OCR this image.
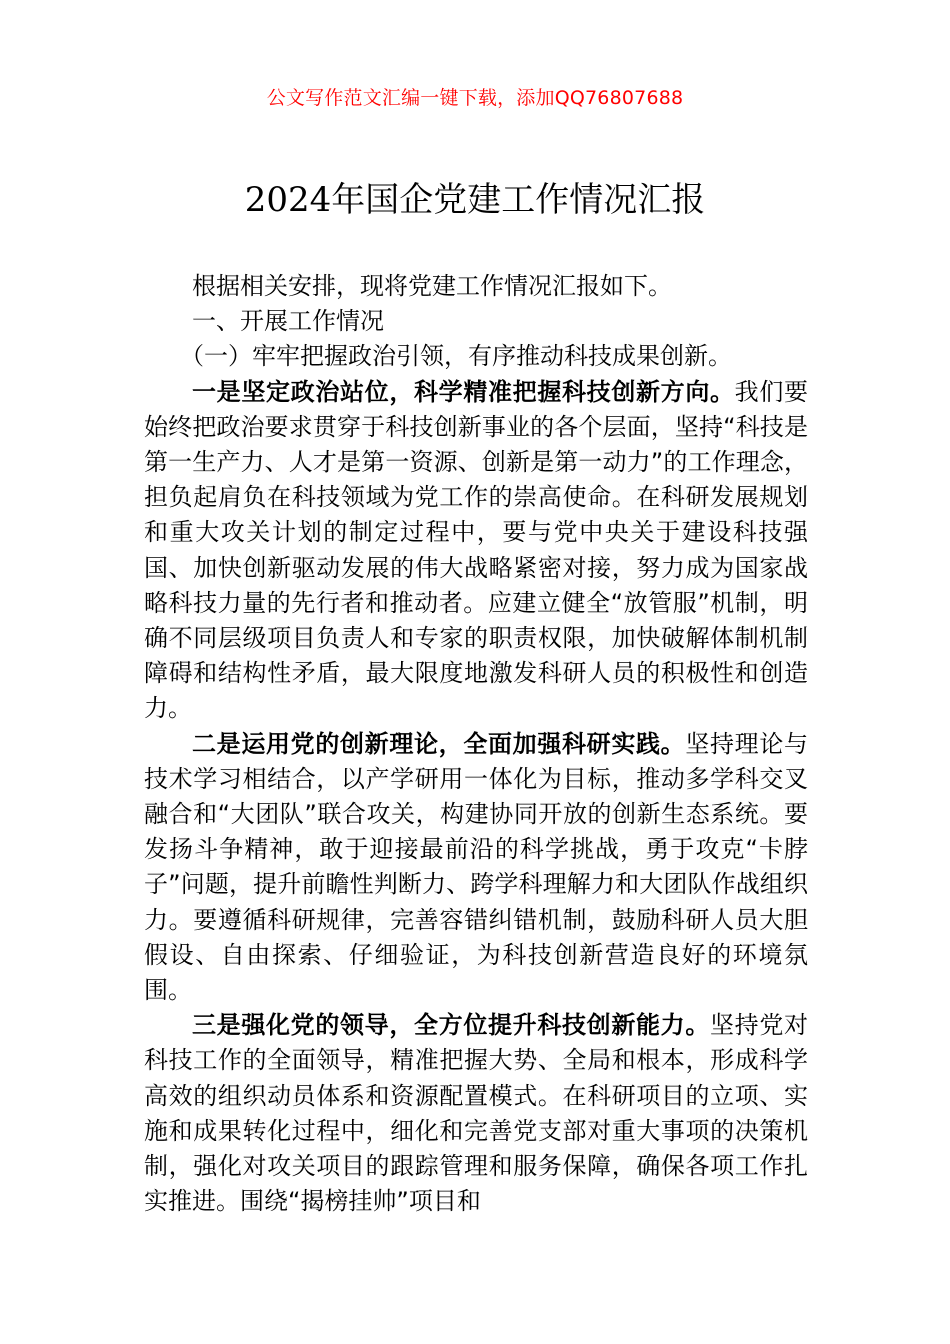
公文写作范文汇编一键下载，添加QQ76807688
2024年国企党建工作情况汇报

根据相关安排，现将党建工作情况汇报如下。

一、开展工作情况

（一）牢牢把握政治引领，有序推动科技成果创新。

一是坚定政治站位，科学精准把握科技创新方向。我们要始终把政治要求贯穿于科技创新事业的各个层面，坚持“科技是第一生产力、人才是第一资源、创新是第一动力”的工作理念，担负起肩负在科技领域为党工作的崇高使命。在科研发展规划和重大攻关计划的制定过程中，要与党中央关于建设科技强国、加快创新驱动发展的伟大战略紧密对接，努力成为国家战略科技力量的先行者和推动者。应建立健全“放管服”机制，明确不同层级项目负责人和专家的职责权限，加快破解体制机制障碍和结构性矛盾，最大限度地激发科研人员的积极性和创造力。

二是运用党的创新理论，全面加强科研实践。坚持理论与技术学习相结合，以产学研用一体化为目标，推动多学科交叉融合和“大团队”联合攻关，构建协同开放的创新生态系统。要发扬斗争精神，敢于迎接最前沿的科学挑战，勇于攻克“卡脖子”问题，提升前瞻性判断力、跨学科理解力和大团队作战组织力。要遵循科研规律，完善容错纠错机制，鼓励科研人员大胆假设、自由探索、仔细验证，为科技创新营造良好的环境氛围。

三是强化党的领导，全方位提升科技创新能力。坚持党对科技工作的全面领导，精准把握大势、全局和根本，形成科学高效的组织动员体系和资源配置模式。在科研项目的立项、实施和成果转化过程中，细化和完善党支部对重大事项的决策机制，强化对攻关项目的跟踪管理和服务保障，确保各项工作扎实推进。围绕“揭榜挂帅”项目和
